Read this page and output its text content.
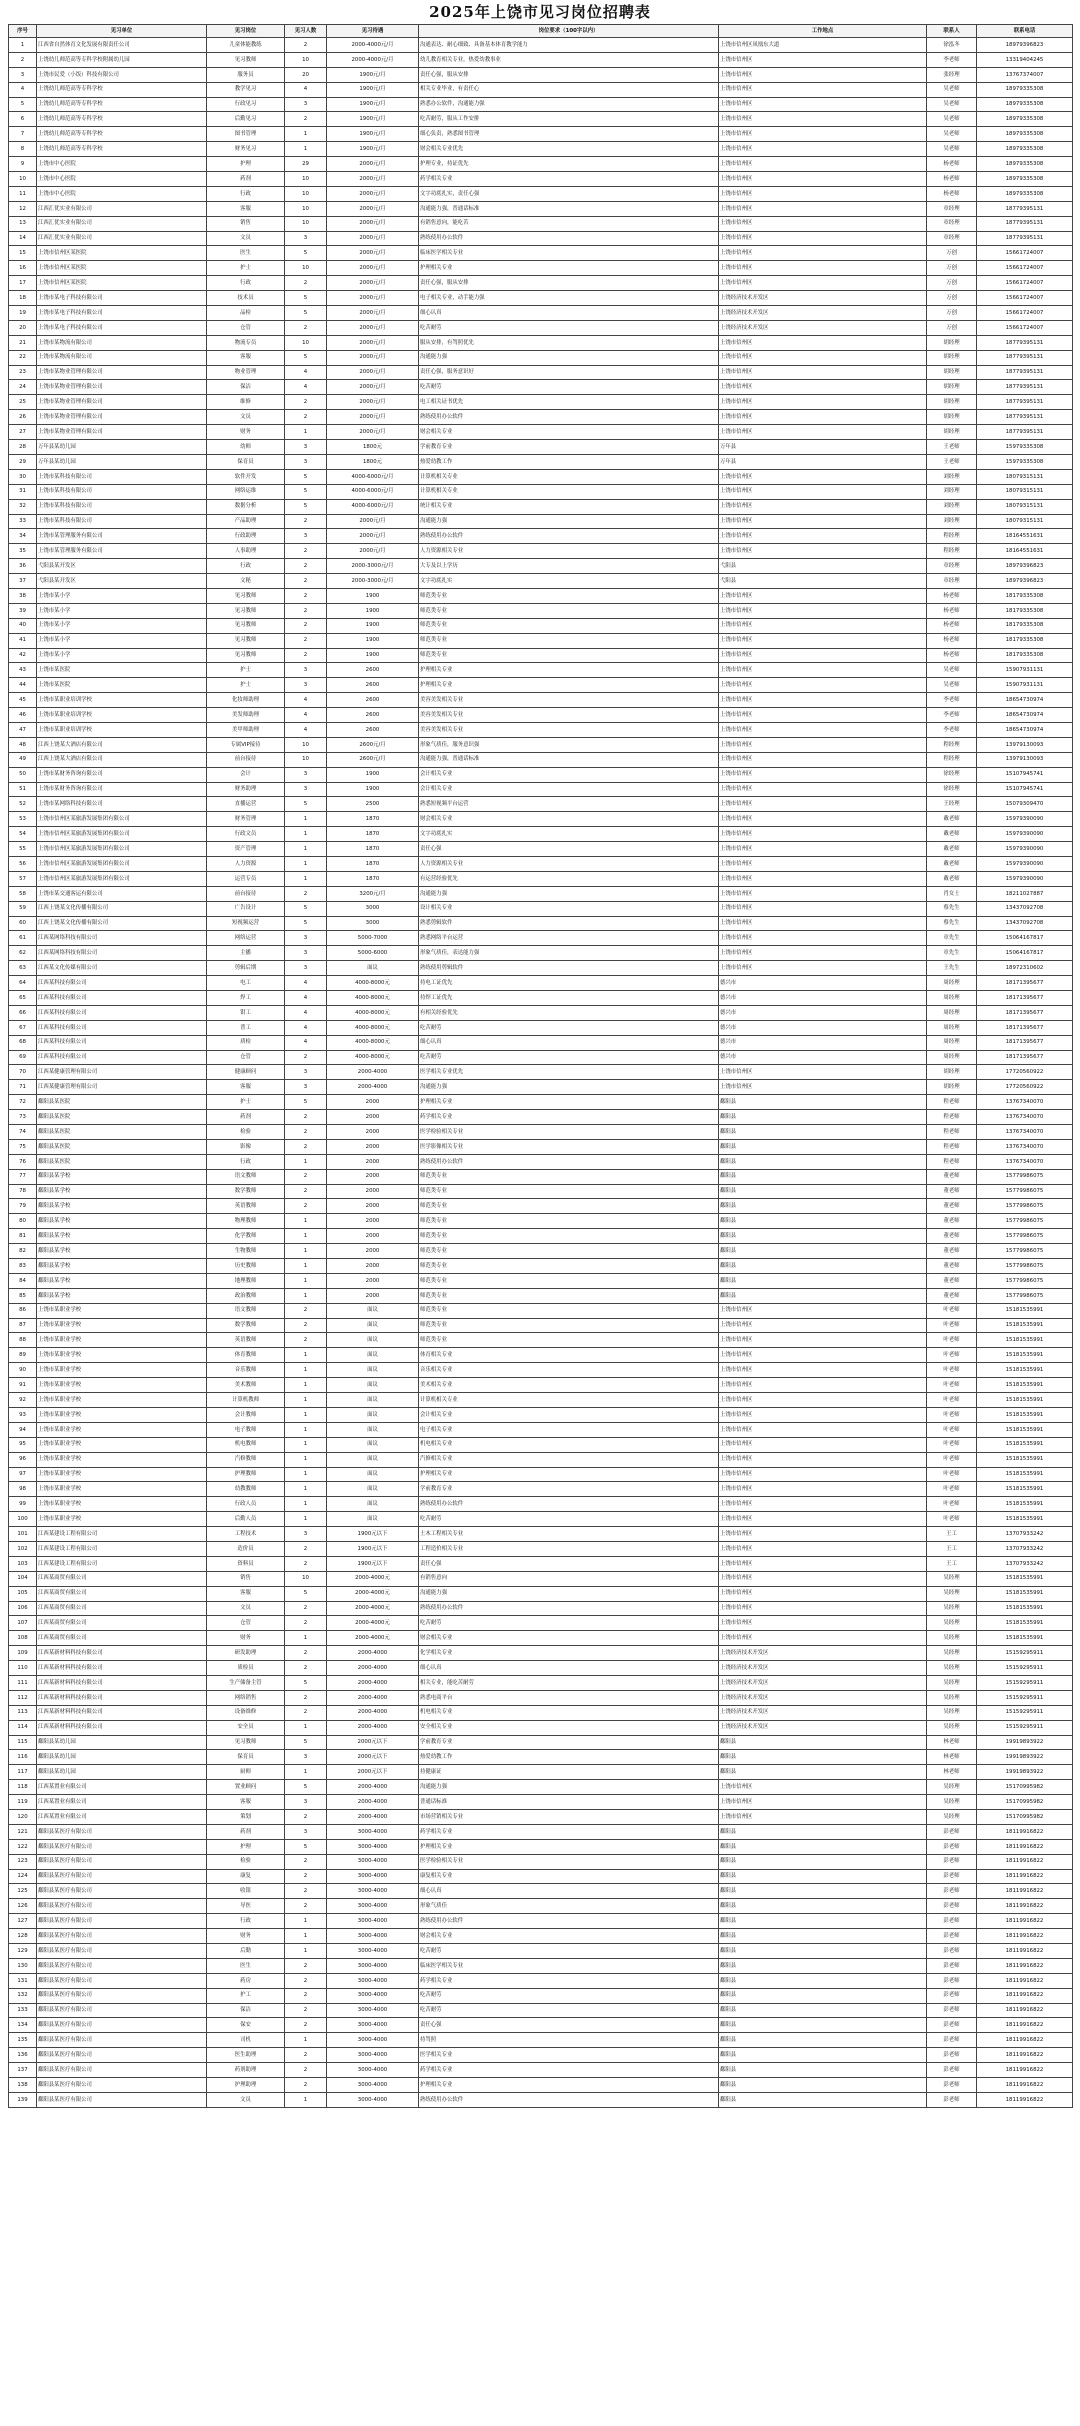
2025年上饶市见习岗位招聘表
序号	见习单位	见习岗位	见习人数	见习待遇	岗位要求（100字以内）	工作地点	联系人	联系电话
1	江西省自然体育文化发展有限责任公司	儿童体能教练	2	2000-4000元/月	沟通表达、耐心细致、具备基本体育教学能力	上饶市信州区凤凰东大道	徐泓冬	18979396823
2	上饶幼儿师范高等专科学校附属幼儿园	见习教师	10	2000-4000元/月	幼儿教育相关专业，热爱幼教事业	上饶市信州区	李老师	13319404245
3	上饶市民爱（小饭）科技有限公司	服务员	20	1900元/月	责任心强，服从安排	上饶市信州区	张经理	13767374007
4	上饶幼儿师范高等专科学校	教学见习	4	1900元/月	相关专业毕业，有责任心	上饶市信州区	吴老师	18979335308
5	上饶幼儿师范高等专科学校	行政见习	3	1900元/月	熟悉办公软件，沟通能力强	上饶市信州区	吴老师	18979335308
6	上饶幼儿师范高等专科学校	后勤见习	2	1900元/月	吃苦耐劳，服从工作安排	上饶市信州区	吴老师	18979335308
7	上饶幼儿师范高等专科学校	图书管理	1	1900元/月	细心负责，熟悉图书管理	上饶市信州区	吴老师	18979335308
8	上饶幼儿师范高等专科学校	财务见习	1	1900元/月	财会相关专业优先	上饶市信州区	吴老师	18979335308
9	上饶市中心医院	护理	29	2000元/月	护理专业，持证优先	上饶市信州区	杨老师	18979335308
10	上饶市中心医院	药剂	10	2000元/月	药学相关专业	上饶市信州区	杨老师	18979335308
11	上饶市中心医院	行政	10	2000元/月	文字功底扎实，责任心强	上饶市信州区	杨老师	18979335308
12	江西汇优实业有限公司	客服	10	2000元/月	沟通能力强，普通话标准	上饶市信州区	章经理	18779395131
13	江西汇优实业有限公司	销售	10	2000元/月	有销售意向，能吃苦	上饶市信州区	章经理	18779395131
14	江西汇优实业有限公司	文员	3	2000元/月	熟练使用办公软件	上饶市信州区	章经理	18779395131
15	上饶市信州区某医院	医生	5	2000元/月	临床医学相关专业	上饶市信州区	万创	15661724007
16	上饶市信州区某医院	护士	10	2000元/月	护理相关专业	上饶市信州区	万创	15661724007
17	上饶市信州区某医院	行政	2	2000元/月	责任心强，服从安排	上饶市信州区	万创	15661724007
18	上饶市某电子科技有限公司	技术员	5	2000元/月	电子相关专业，动手能力强	上饶经济技术开发区	万创	15661724007
19	上饶市某电子科技有限公司	品检	5	2000元/月	细心认真	上饶经济技术开发区	万创	15661724007
20	上饶市某电子科技有限公司	仓管	2	2000元/月	吃苦耐劳	上饶经济技术开发区	万创	15661724007
21	上饶市某物流有限公司	物流专员	10	2000元/月	服从安排，有驾照优先	上饶市信州区	胡经理	18779395131
22	上饶市某物流有限公司	客服	5	2000元/月	沟通能力强	上饶市信州区	胡经理	18779395131
23	上饶市某物业管理有限公司	物业管理	4	2000元/月	责任心强，服务意识好	上饶市信州区	胡经理	18779395131
24	上饶市某物业管理有限公司	保洁	4	2000元/月	吃苦耐劳	上饶市信州区	胡经理	18779395131
25	上饶市某物业管理有限公司	维修	2	2000元/月	电工相关证书优先	上饶市信州区	胡经理	18779395131
26	上饶市某物业管理有限公司	文员	2	2000元/月	熟练使用办公软件	上饶市信州区	胡经理	18779395131
27	上饶市某物业管理有限公司	财务	1	2000元/月	财会相关专业	上饶市信州区	胡经理	18779395131
28	万年县某幼儿园	幼师	3	1800元	学前教育专业	万年县	王老师	15979335308
29	万年县某幼儿园	保育员	3	1800元	热爱幼教工作	万年县	王老师	15979335308
30	上饶市某科技有限公司	软件开发	5	4000-6000元/月	计算机相关专业	上饶市信州区	刘经理	18079315131
31	上饶市某科技有限公司	网络运维	5	4000-6000元/月	计算机相关专业	上饶市信州区	刘经理	18079315131
32	上饶市某科技有限公司	数据分析	5	4000-6000元/月	统计相关专业	上饶市信州区	刘经理	18079315131
33	上饶市某科技有限公司	产品助理	2	2000元/月	沟通能力强	上饶市信州区	刘经理	18079315131
34	上饶市某管理服务有限公司	行政助理	3	2000元/月	熟练使用办公软件	上饶市信州区	程经理	18164551631
35	上饶市某管理服务有限公司	人事助理	2	2000元/月	人力资源相关专业	上饶市信州区	程经理	18164551631
36	弋阳县某开发区	行政	2	2000-3000元/月	大专及以上学历	弋阳县	章经理	18979396823
37	弋阳县某开发区	文秘	2	2000-3000元/月	文字功底扎实	弋阳县	章经理	18979396823
38	上饶市某小学	见习教师	2	1900	师范类专业	上饶市信州区	杨老师	18179335308
39	上饶市某小学	见习教师	2	1900	师范类专业	上饶市信州区	杨老师	18179335308
40	上饶市某小学	见习教师	2	1900	师范类专业	上饶市信州区	杨老师	18179335308
41	上饶市某小学	见习教师	2	1900	师范类专业	上饶市信州区	杨老师	18179335308
42	上饶市某小学	见习教师	2	1900	师范类专业	上饶市信州区	杨老师	18179335308
43	上饶市某医院	护士	3	2600	护理相关专业	上饶市信州区	吴老师	15907931131
44	上饶市某医院	护士	3	2600	护理相关专业	上饶市信州区	吴老师	15907931131
45	上饶市某职业培训学校	化妆师助理	4	2600	美容美发相关专业	上饶市信州区	李老师	18654730974
46	上饶市某职业培训学校	美发师助理	4	2600	美容美发相关专业	上饶市信州区	李老师	18654730974
47	上饶市某职业培训学校	美甲师助理	4	2600	美容美发相关专业	上饶市信州区	李老师	18654730974
48	江西上饶某大酒店有限公司	专属VIP接待	10	2600元/月	形象气质佳，服务意识强	上饶市信州区	程经理	13979130093
49	江西上饶某大酒店有限公司	前台接待	10	2600元/月	沟通能力强，普通话标准	上饶市信州区	程经理	13979130093
50	上饶市某财务咨询有限公司	会计	3	1900	会计相关专业	上饶市信州区	徐经理	15107945741
51	上饶市某财务咨询有限公司	财务助理	3	1900	会计相关专业	上饶市信州区	徐经理	15107945741
52	上饶市某网络科技有限公司	直播运营	5	2500	熟悉短视频平台运营	上饶市信州区	王经理	15079309470
53	上饶市信州区某旅游发展集团有限公司	财务管理	1	1870	财会相关专业	上饶市信州区	戴老师	15979390090
54	上饶市信州区某旅游发展集团有限公司	行政文员	1	1870	文字功底扎实	上饶市信州区	戴老师	15979390090
55	上饶市信州区某旅游发展集团有限公司	资产管理	1	1870	责任心强	上饶市信州区	戴老师	15979390090
56	上饶市信州区某旅游发展集团有限公司	人力资源	1	1870	人力资源相关专业	上饶市信州区	戴老师	15979390090
57	上饶市信州区某旅游发展集团有限公司	运营专员	1	1870	有运营经验优先	上饶市信州区	戴老师	15979390090
58	上饶市某交通客运有限公司	前台接待	2	3200元/月	沟通能力强	上饶市信州区	肖女士	18211027887
59	江西上饶某文化传播有限公司	广告设计	5	3000	设计相关专业	上饶市信州区	蔡先生	13437092708
60	江西上饶某文化传播有限公司	短视频运营	5	3000	熟悉剪辑软件	上饶市信州区	蔡先生	13437092708
61	江西某网络科技有限公司	网络运营	3	5000-7000	熟悉网络平台运营	上饶市信州区	章先生	15064167817
62	江西某网络科技有限公司	主播	3	5000-6000	形象气质佳，表达能力强	上饶市信州区	章先生	15064167817
63	江西某文化传媒有限公司	剪辑后期	3	面议	熟练使用剪辑软件	上饶市信州区	王先生	18972310602
64	江西某科技有限公司	电工	4	4000-8000元	持电工证优先	德兴市	周经理	18171395677
65	江西某科技有限公司	焊工	4	4000-8000元	持焊工证优先	德兴市	周经理	18171395677
66	江西某科技有限公司	钳工	4	4000-8000元	有相关经验优先	德兴市	周经理	18171395677
67	江西某科技有限公司	普工	4	4000-8000元	吃苦耐劳	德兴市	周经理	18171395677
68	江西某科技有限公司	质检	4	4000-8000元	细心认真	德兴市	周经理	18171395677
69	江西某科技有限公司	仓管	2	4000-8000元	吃苦耐劳	德兴市	周经理	18171395677
70	江西某健康管理有限公司	健康顾问	3	2000-4000	医学相关专业优先	上饶市信州区	胡经理	17720560922
71	江西某健康管理有限公司	客服	3	2000-4000	沟通能力强	上饶市信州区	胡经理	17720560922
72	鄱阳县某医院	护士	5	2000	护理相关专业	鄱阳县	程老师	13767340070
73	鄱阳县某医院	药剂	2	2000	药学相关专业	鄱阳县	程老师	13767340070
74	鄱阳县某医院	检验	2	2000	医学检验相关专业	鄱阳县	程老师	13767340070
75	鄱阳县某医院	影像	2	2000	医学影像相关专业	鄱阳县	程老师	13767340070
76	鄱阳县某医院	行政	1	2000	熟练使用办公软件	鄱阳县	程老师	13767340070
77	鄱阳县某学校	语文教师	2	2000	师范类专业	鄱阳县	董老师	15779986075
78	鄱阳县某学校	数学教师	2	2000	师范类专业	鄱阳县	董老师	15779986075
79	鄱阳县某学校	英语教师	2	2000	师范类专业	鄱阳县	董老师	15779986075
80	鄱阳县某学校	物理教师	1	2000	师范类专业	鄱阳县	董老师	15779986075
81	鄱阳县某学校	化学教师	1	2000	师范类专业	鄱阳县	董老师	15779986075
82	鄱阳县某学校	生物教师	1	2000	师范类专业	鄱阳县	董老师	15779986075
83	鄱阳县某学校	历史教师	1	2000	师范类专业	鄱阳县	董老师	15779986075
84	鄱阳县某学校	地理教师	1	2000	师范类专业	鄱阳县	董老师	15779986075
85	鄱阳县某学校	政治教师	1	2000	师范类专业	鄱阳县	董老师	15779986075
86	上饶市某职业学校	语文教师	2	面议	师范类专业	上饶市信州区	叶老师	15181535991
87	上饶市某职业学校	数学教师	2	面议	师范类专业	上饶市信州区	叶老师	15181535991
88	上饶市某职业学校	英语教师	2	面议	师范类专业	上饶市信州区	叶老师	15181535991
89	上饶市某职业学校	体育教师	1	面议	体育相关专业	上饶市信州区	叶老师	15181535991
90	上饶市某职业学校	音乐教师	1	面议	音乐相关专业	上饶市信州区	叶老师	15181535991
91	上饶市某职业学校	美术教师	1	面议	美术相关专业	上饶市信州区	叶老师	15181535991
92	上饶市某职业学校	计算机教师	1	面议	计算机相关专业	上饶市信州区	叶老师	15181535991
93	上饶市某职业学校	会计教师	1	面议	会计相关专业	上饶市信州区	叶老师	15181535991
94	上饶市某职业学校	电子教师	1	面议	电子相关专业	上饶市信州区	叶老师	15181535991
95	上饶市某职业学校	机电教师	1	面议	机电相关专业	上饶市信州区	叶老师	15181535991
96	上饶市某职业学校	汽修教师	1	面议	汽修相关专业	上饶市信州区	叶老师	15181535991
97	上饶市某职业学校	护理教师	1	面议	护理相关专业	上饶市信州区	叶老师	15181535991
98	上饶市某职业学校	幼教教师	1	面议	学前教育专业	上饶市信州区	叶老师	15181535991
99	上饶市某职业学校	行政人员	1	面议	熟练使用办公软件	上饶市信州区	叶老师	15181535991
100	上饶市某职业学校	后勤人员	1	面议	吃苦耐劳	上饶市信州区	叶老师	15181535991
101	江西某建设工程有限公司	工程技术	3	1900元以下	土木工程相关专业	上饶市信州区	王工	13707933242
102	江西某建设工程有限公司	造价员	2	1900元以下	工程造价相关专业	上饶市信州区	王工	13707933242
103	江西某建设工程有限公司	资料员	2	1900元以下	责任心强	上饶市信州区	王工	13707933242
104	江西某商贸有限公司	销售	10	2000-4000元	有销售意向	上饶市信州区	吴经理	15181535991
105	江西某商贸有限公司	客服	5	2000-4000元	沟通能力强	上饶市信州区	吴经理	15181535991
106	江西某商贸有限公司	文员	2	2000-4000元	熟练使用办公软件	上饶市信州区	吴经理	15181535991
107	江西某商贸有限公司	仓管	2	2000-4000元	吃苦耐劳	上饶市信州区	吴经理	15181535991
108	江西某商贸有限公司	财务	1	2000-4000元	财会相关专业	上饶市信州区	吴经理	15181535991
109	江西某新材料科技有限公司	研发助理	2	2000-4000	化学相关专业	上饶经济技术开发区	吴经理	15159295911
110	江西某新材料科技有限公司	质检员	2	2000-4000	细心认真	上饶经济技术开发区	吴经理	15159295911
111	江西某新材料科技有限公司	生产储备主管	5	2000-4000	相关专业，能吃苦耐劳	上饶经济技术开发区	吴经理	15159295911
112	江西某新材料科技有限公司	网络销售	2	2000-4000	熟悉电商平台	上饶经济技术开发区	吴经理	15159295911
113	江西某新材料科技有限公司	设备维修	2	2000-4000	机电相关专业	上饶经济技术开发区	吴经理	15159295911
114	江西某新材料科技有限公司	安全员	1	2000-4000	安全相关专业	上饶经济技术开发区	吴经理	15159295911
115	鄱阳县某幼儿园	见习教师	5	2000元以下	学前教育专业	鄱阳县	林老师	19919893922
116	鄱阳县某幼儿园	保育员	3	2000元以下	热爱幼教工作	鄱阳县	林老师	19919893922
117	鄱阳县某幼儿园	厨师	1	2000元以下	持健康证	鄱阳县	林老师	19919893922
118	江西某置业有限公司	置业顾问	5	2000-4000	沟通能力强	上饶市信州区	吴经理	15170995982
119	江西某置业有限公司	客服	3	2000-4000	普通话标准	上饶市信州区	吴经理	15170995982
120	江西某置业有限公司	策划	2	2000-4000	市场营销相关专业	上饶市信州区	吴经理	15170995982
121	鄱阳县某医疗有限公司	药剂	3	3000-4000	药学相关专业	鄱阳县	彭老师	18119916822
122	鄱阳县某医疗有限公司	护理	5	3000-4000	护理相关专业	鄱阳县	彭老师	18119916822
123	鄱阳县某医疗有限公司	检验	2	3000-4000	医学检验相关专业	鄱阳县	彭老师	18119916822
124	鄱阳县某医疗有限公司	康复	2	3000-4000	康复相关专业	鄱阳县	彭老师	18119916822
125	鄱阳县某医疗有限公司	收银	2	3000-4000	细心认真	鄱阳县	彭老师	18119916822
126	鄱阳县某医疗有限公司	导医	2	3000-4000	形象气质佳	鄱阳县	彭老师	18119916822
127	鄱阳县某医疗有限公司	行政	1	3000-4000	熟练使用办公软件	鄱阳县	彭老师	18119916822
128	鄱阳县某医疗有限公司	财务	1	3000-4000	财会相关专业	鄱阳县	彭老师	18119916822
129	鄱阳县某医疗有限公司	后勤	1	3000-4000	吃苦耐劳	鄱阳县	彭老师	18119916822
130	鄱阳县某医疗有限公司	医生	2	3000-4000	临床医学相关专业	鄱阳县	彭老师	18119916822
131	鄱阳县某医疗有限公司	药房	2	3000-4000	药学相关专业	鄱阳县	彭老师	18119916822
132	鄱阳县某医疗有限公司	护工	2	3000-4000	吃苦耐劳	鄱阳县	彭老师	18119916822
133	鄱阳县某医疗有限公司	保洁	2	3000-4000	吃苦耐劳	鄱阳县	彭老师	18119916822
134	鄱阳县某医疗有限公司	保安	2	3000-4000	责任心强	鄱阳县	彭老师	18119916822
135	鄱阳县某医疗有限公司	司机	1	3000-4000	持驾照	鄱阳县	彭老师	18119916822
136	鄱阳县某医疗有限公司	医生助理	2	3000-4000	医学相关专业	鄱阳县	彭老师	18119916822
137	鄱阳县某医疗有限公司	药剂助理	2	3000-4000	药学相关专业	鄱阳县	彭老师	18119916822
138	鄱阳县某医疗有限公司	护理助理	2	3000-4000	护理相关专业	鄱阳县	彭老师	18119916822
139	鄱阳县某医疗有限公司	文员	1	3000-4000	熟练使用办公软件	鄱阳县	彭老师	18119916822
